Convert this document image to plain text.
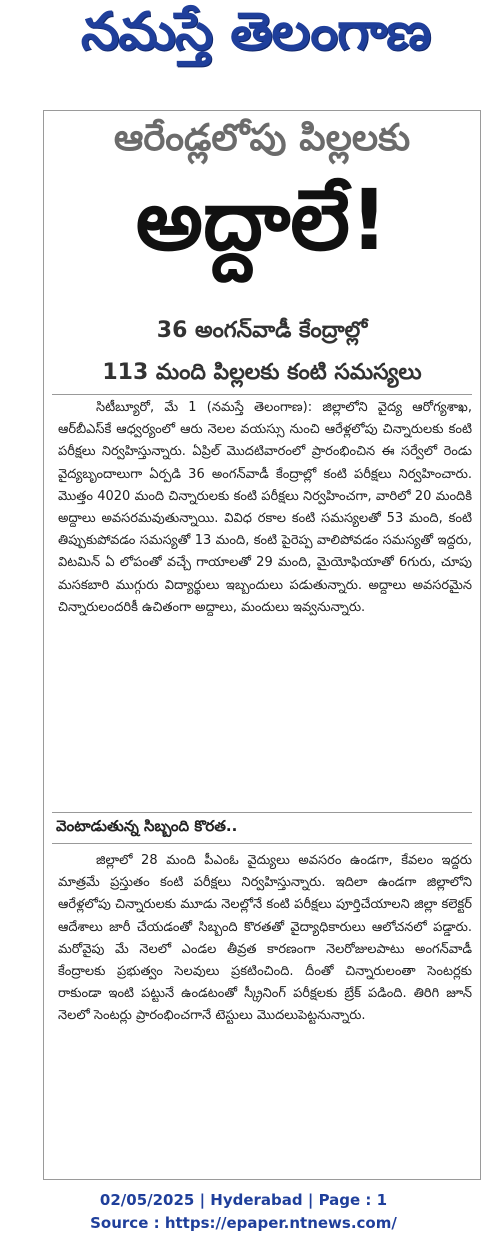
నమస్తే తెలంగాణ
ఆరేండ్లలోపు పిల్లలకు
అద్దాలే!
36 అంగన్‌వాడీ కేంద్రాల్లో
113 మంది పిల్లలకు కంటి సమస్యలు
సిటీబ్యూరో, మే 1 (నమస్తే తెలంగాణ): జిల్లాలోని వైద్య ఆరోగ్యశాఖ, ఆర్‌బీఎస్‌కే ఆధ్వర్యంలో ఆరు నెలల వయస్సు నుంచి ఆరేళ్లలోపు చిన్నారులకు కంటి పరీక్షలు నిర్వహిస్తున్నారు. ఏప్రిల్ మొదటివారంలో ప్రారంభించిన ఈ సర్వేలో రెండు వైద్యబృందాలుగా ఏర్పడి 36 అంగన్‌వాడీ కేంద్రాల్లో కంటి పరీక్షలు నిర్వహించారు. మొత్తం 4020 మంది చిన్నారులకు కంటి పరీక్షలు నిర్వహించగా, వారిలో 20 మందికి అద్దాలు అవసరమవుతున్నాయి. వివిధ రకాల కంటి సమస్యలతో 53 మంది, కంటి తిప్పుకుపోవడం సమస్యతో 13 మంది, కంటి పైరెప్ప వాలిపోవడం సమస్యతో ఇద్దరు, విటమిన్ ఏ లోపంతో వచ్చే గాయాలతో 29 మంది, మైయోఫియాతో 6గురు, చూపు మసకబారి ముగ్గురు విద్యార్థులు ఇబ్బందులు పడుతున్నారు. అద్దాలు అవసరమైన చిన్నారులందరికీ ఉచితంగా అద్దాలు, మందులు ఇవ్వనున్నారు.
వెంటాడుతున్న సిబ్బంది కొరత..
జిల్లాలో 28 మంది పీఎంఓ వైద్యులు అవసరం ఉండగా, కేవలం ఇద్దరు మాత్రమే ప్రస్తుతం కంటి పరీక్షలు నిర్వహిస్తున్నారు. ఇదిలా ఉండగా జిల్లాలోని ఆరేళ్లలోపు చిన్నారులకు మూడు నెలల్లోనే కంటి పరీక్షలు పూర్తిచేయాలని జిల్లా కలెక్టర్ ఆదేశాలు జారీ చేయడంతో సిబ్బంది కొరతతో వైద్యాధికారులు ఆలోచనలో పడ్డారు. మరోవైపు మే నెలలో ఎండల తీవ్రత కారణంగా నెలరోజులపాటు అంగన్‌వాడీ కేంద్రాలకు ప్రభుత్వం సెలవులు ప్రకటించింది. దీంతో చిన్నారులంతా సెంటర్లకు రాకుండా ఇంటి పట్టునే ఉండటంతో స్క్రీనింగ్ పరీక్షలకు బ్రేక్ పడింది. తిరిగి జూన్ నెలలో సెంటర్లు ప్రారంభించగానే టెస్టులు మొదలుపెట్టనున్నారు.
02/05/2025 | Hyderabad | Page : 1
Source : https://epaper.ntnews.com/
